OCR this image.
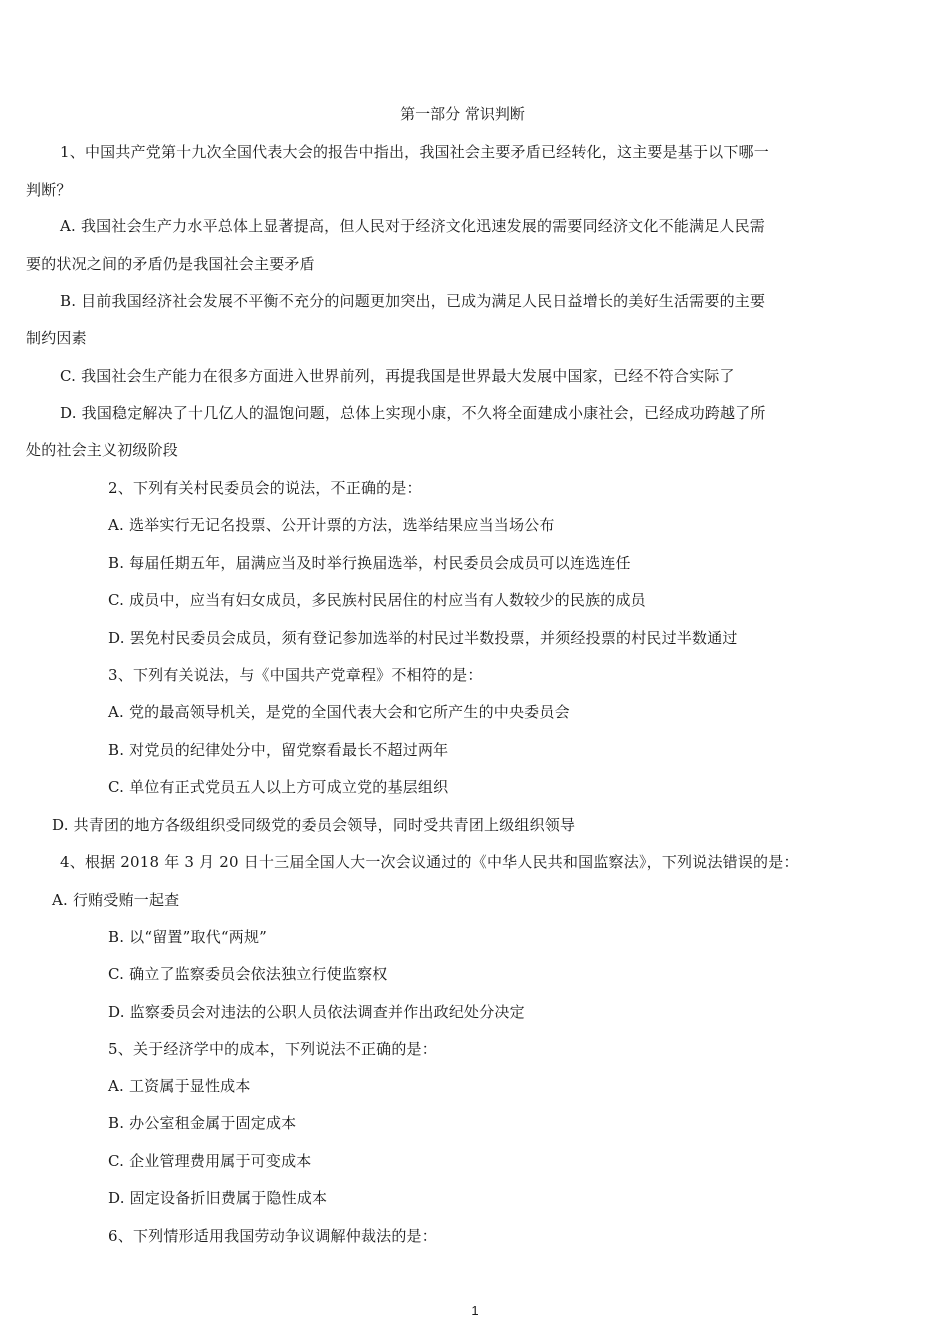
第一部分 常识判断
1、中国共产党第十九次全国代表大会的报告中指出，我国社会主要矛盾已经转化，这主要是基于以下哪一
判断？
A. 我国社会生产力水平总体上显著提高，但人民对于经济文化迅速发展的需要同经济文化不能满足人民需
要的状况之间的矛盾仍是我国社会主要矛盾
B. 目前我国经济社会发展不平衡不充分的问题更加突出，已成为满足人民日益增长的美好生活需要的主要
制约因素
C. 我国社会生产能力在很多方面进入世界前列，再提我国是世界最大发展中国家，已经不符合实际了
D. 我国稳定解决了十几亿人的温饱问题，总体上实现小康，不久将全面建成小康社会，已经成功跨越了所
处的社会主义初级阶段
2、下列有关村民委员会的说法，不正确的是：
A. 选举实行无记名投票、公开计票的方法，选举结果应当当场公布
B. 每届任期五年，届满应当及时举行换届选举，村民委员会成员可以连选连任
C. 成员中，应当有妇女成员，多民族村民居住的村应当有人数较少的民族的成员
D. 罢免村民委员会成员，须有登记参加选举的村民过半数投票，并须经投票的村民过半数通过
3、下列有关说法，与《中国共产党章程》不相符的是：
A. 党的最高领导机关，是党的全国代表大会和它所产生的中央委员会
B. 对党员的纪律处分中，留党察看最长不超过两年
C. 单位有正式党员五人以上方可成立党的基层组织
D. 共青团的地方各级组织受同级党的委员会领导，同时受共青团上级组织领导
4、根据 2018 年 3 月 20 日十三届全国人大一次会议通过的《中华人民共和国监察法》，下列说法错误的是：
A. 行贿受贿一起查
B. 以“留置”取代“两规”
C. 确立了监察委员会依法独立行使监察权
D. 监察委员会对违法的公职人员依法调查并作出政纪处分决定
5、关于经济学中的成本，下列说法不正确的是：
A. 工资属于显性成本
B. 办公室租金属于固定成本
C. 企业管理费用属于可变成本
D. 固定设备折旧费属于隐性成本
6、下列情形适用我国劳动争议调解仲裁法的是：
1
